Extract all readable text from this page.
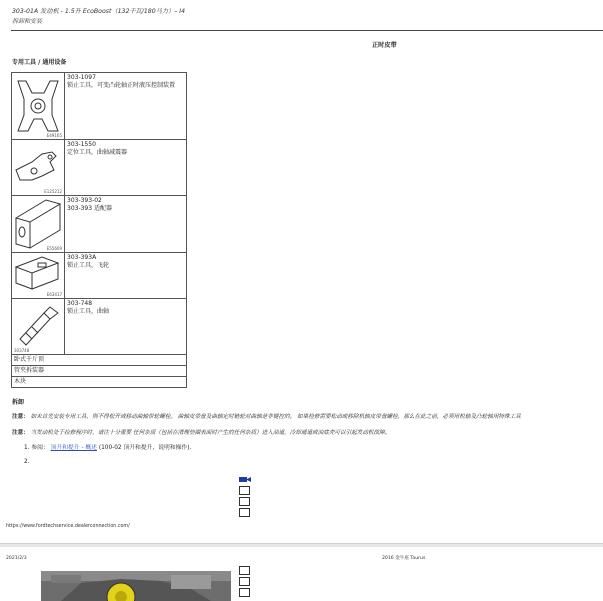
303-01A 发动机 - 1.5升 EcoBoost（132千瓦/180马力）– I4
拆卸和安装
正时皮带
专用工具 / 通用设备
E49165	303-1097
锁止工具，可变凸轮轴正时液压控制装置

E125212	303-1550
定位工具，曲轴减震器

E55609	303-393-02
303-393 适配器

E63417	303-393A
锁止工具，飞轮

303748	303-748
锁止工具，曲轴

卧式千斤顶	
管夹拆装器	
木块	
拆卸
注意： 如未首先安装专用工具，则不得松开或移动曲轴带轮螺栓。 曲轴皮带盘及曲轴定时链轮对曲轴是非键控的。 如果检修需要松动或移除机轴皮带盘螺栓，那么在此之前，必须用机轴及凸轮轴用特殊工具
注意： 当发动机处于拉修程序时，请注十分重要 任何杂质（包括在清理垫圈表面时产生的任何杂质）进入油道，冷却通道或油底壳可以引起发动机故障。
1. 参阅： 顶升和提升 - 概述 (100-02 顶升和提升，说明和操作).
2.
https://www.fordtechservice.dealerconnection.com/
2021/2/3	2016 金牛座 Taurus
